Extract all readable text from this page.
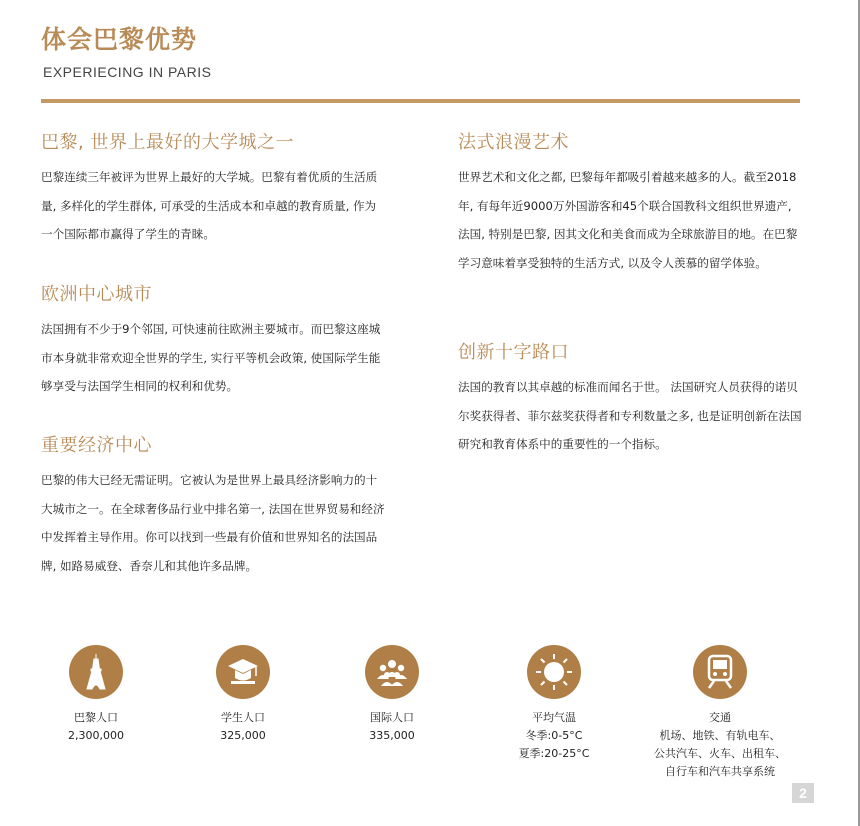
体会巴黎优势
EXPERIECING IN PARIS
巴黎, 世界上最好的大学城之一

巴黎连续三年被评为世界上最好的大学城。巴黎有着优质的生活质量, 多样化的学生群体, 可承受的生活成本和卓越的教育质量, 作为一个国际都市赢得了学生的青睐。

欧洲中心城市

法国拥有不少于9个邻国, 可快速前往欧洲主要城市。而巴黎这座城市本身就非常欢迎全世界的学生, 实行平等机会政策, 使国际学生能够享受与法国学生相同的权利和优势。

重要经济中心

巴黎的伟大已经无需证明。它被认为是世界上最具经济影响力的十大城市之一。在全球奢侈品行业中排名第一, 法国在世界贸易和经济中发挥着主导作用。你可以找到一些最有价值和世界知名的法国品牌, 如路易威登、香奈儿和其他许多品牌。

法式浪漫艺术

世界艺术和文化之都, 巴黎每年都吸引着越来越多的人。截至2018年, 有每年近9000万外国游客和45个联合国教科文组织世界遗产, 法国, 特别是巴黎, 因其文化和美食而成为全球旅游目的地。在巴黎学习意味着享受独特的生活方式, 以及令人羡慕的留学体验。

创新十字路口

法国的教育以其卓越的标准而闻名于世。 法国研究人员获得的诺贝尔奖获得者、菲尔兹奖获得者和专利数量之多, 也是证明创新在法国研究和教育体系中的重要性的一个指标。

巴黎人口
2,300,000
学生人口
325,000
国际人口
335,000
平均气温
冬季:0-5°C
夏季:20-25°C
交通
机场、地铁、有轨电车、
公共汽车、火车、出租车、
自行车和汽车共享系统
2
